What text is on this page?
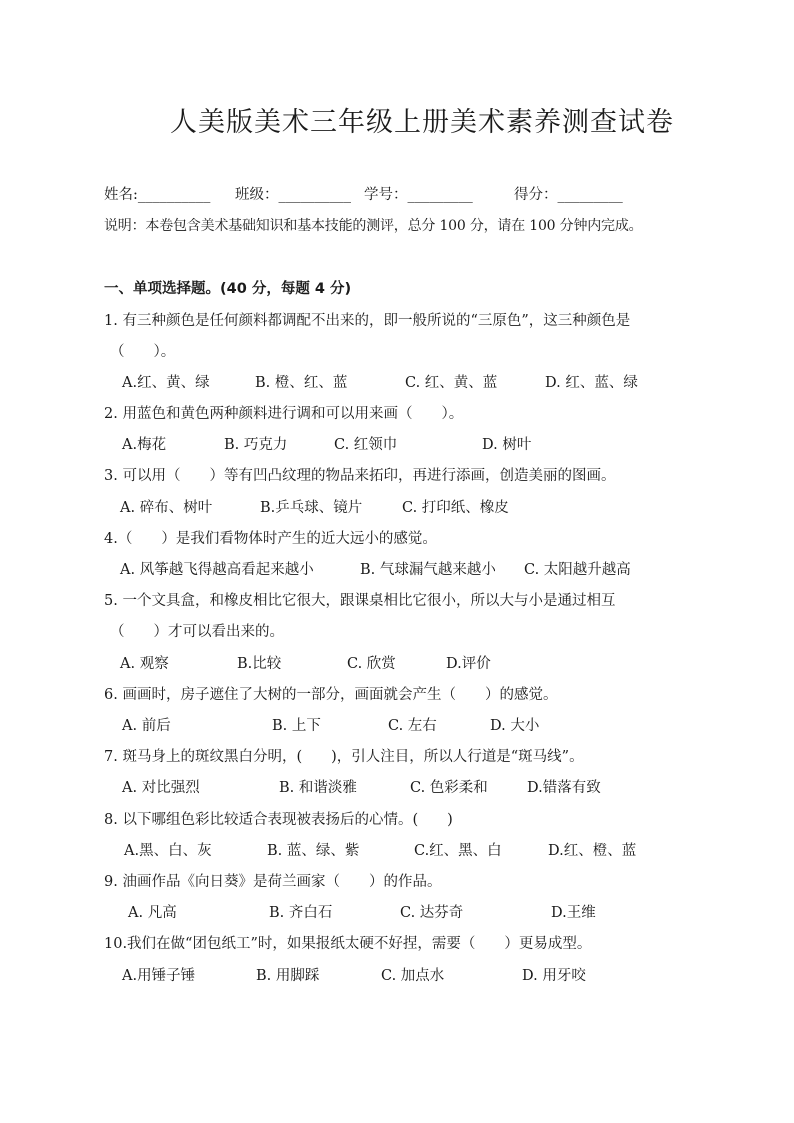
人美版美术三年级上册美术素养测查试卷
姓名:__________ 班级：__________ 学号：_________	得分：_________
说明：本卷包含美术基础知识和基本技能的测评，总分 100 分，请在 100 分钟内完成。
一、单项选择题。(40 分，每题 4 分)
1. 有三种颜色是任何颜料都调配不出来的，即一般所说的“三原色”，这三种颜色是
（　　）。
A.红、黄、绿	B. 橙、红、蓝	C. 红、黄、蓝	D. 红、蓝、绿
2. 用蓝色和黄色两种颜料进行调和可以用来画（　　）。
A.梅花	B. 巧克力	C. 红领巾	D. 树叶
3. 可以用（　　）等有凹凸纹理的物品来拓印，再进行添画，创造美丽的图画。
A. 碎布、树叶	B.乒乓球、镜片	C. 打印纸、橡皮
4.（　　）是我们看物体时产生的近大远小的感觉。
A. 风筝越飞得越高看起来越小	B. 气球漏气越来越小 C. 太阳越升越高
5. 一个文具盒，和橡皮相比它很大，跟课桌相比它很小，所以大与小是通过相互
（　　）才可以看出来的。
A. 观察	B.比较	C. 欣赏	D.评价
6. 画画时，房子遮住了大树的一部分，画面就会产生（　　）的感觉。
A. 前后	B. 上下	C. 左右	D. 大小
7. 斑马身上的斑纹黑白分明，(　　)，引人注目，所以人行道是“斑马线”。
A. 对比强烈	B. 和谐淡雅	C. 色彩柔和	D.错落有致
8. 以下哪组色彩比较适合表现被表扬后的心情。(　　)
A.黑、白、灰	B. 蓝、绿、紫	C.红、黑、白	D.红、橙、蓝
9. 油画作品《向日葵》是荷兰画家（　　）的作品。
A. 凡高	B. 齐白石	C. 达芬奇	D.王维
10.我们在做“团包纸工”时，如果报纸太硬不好捏，需要（　　）更易成型。
A.用锤子锤	B. 用脚踩	C. 加点水	D. 用牙咬
